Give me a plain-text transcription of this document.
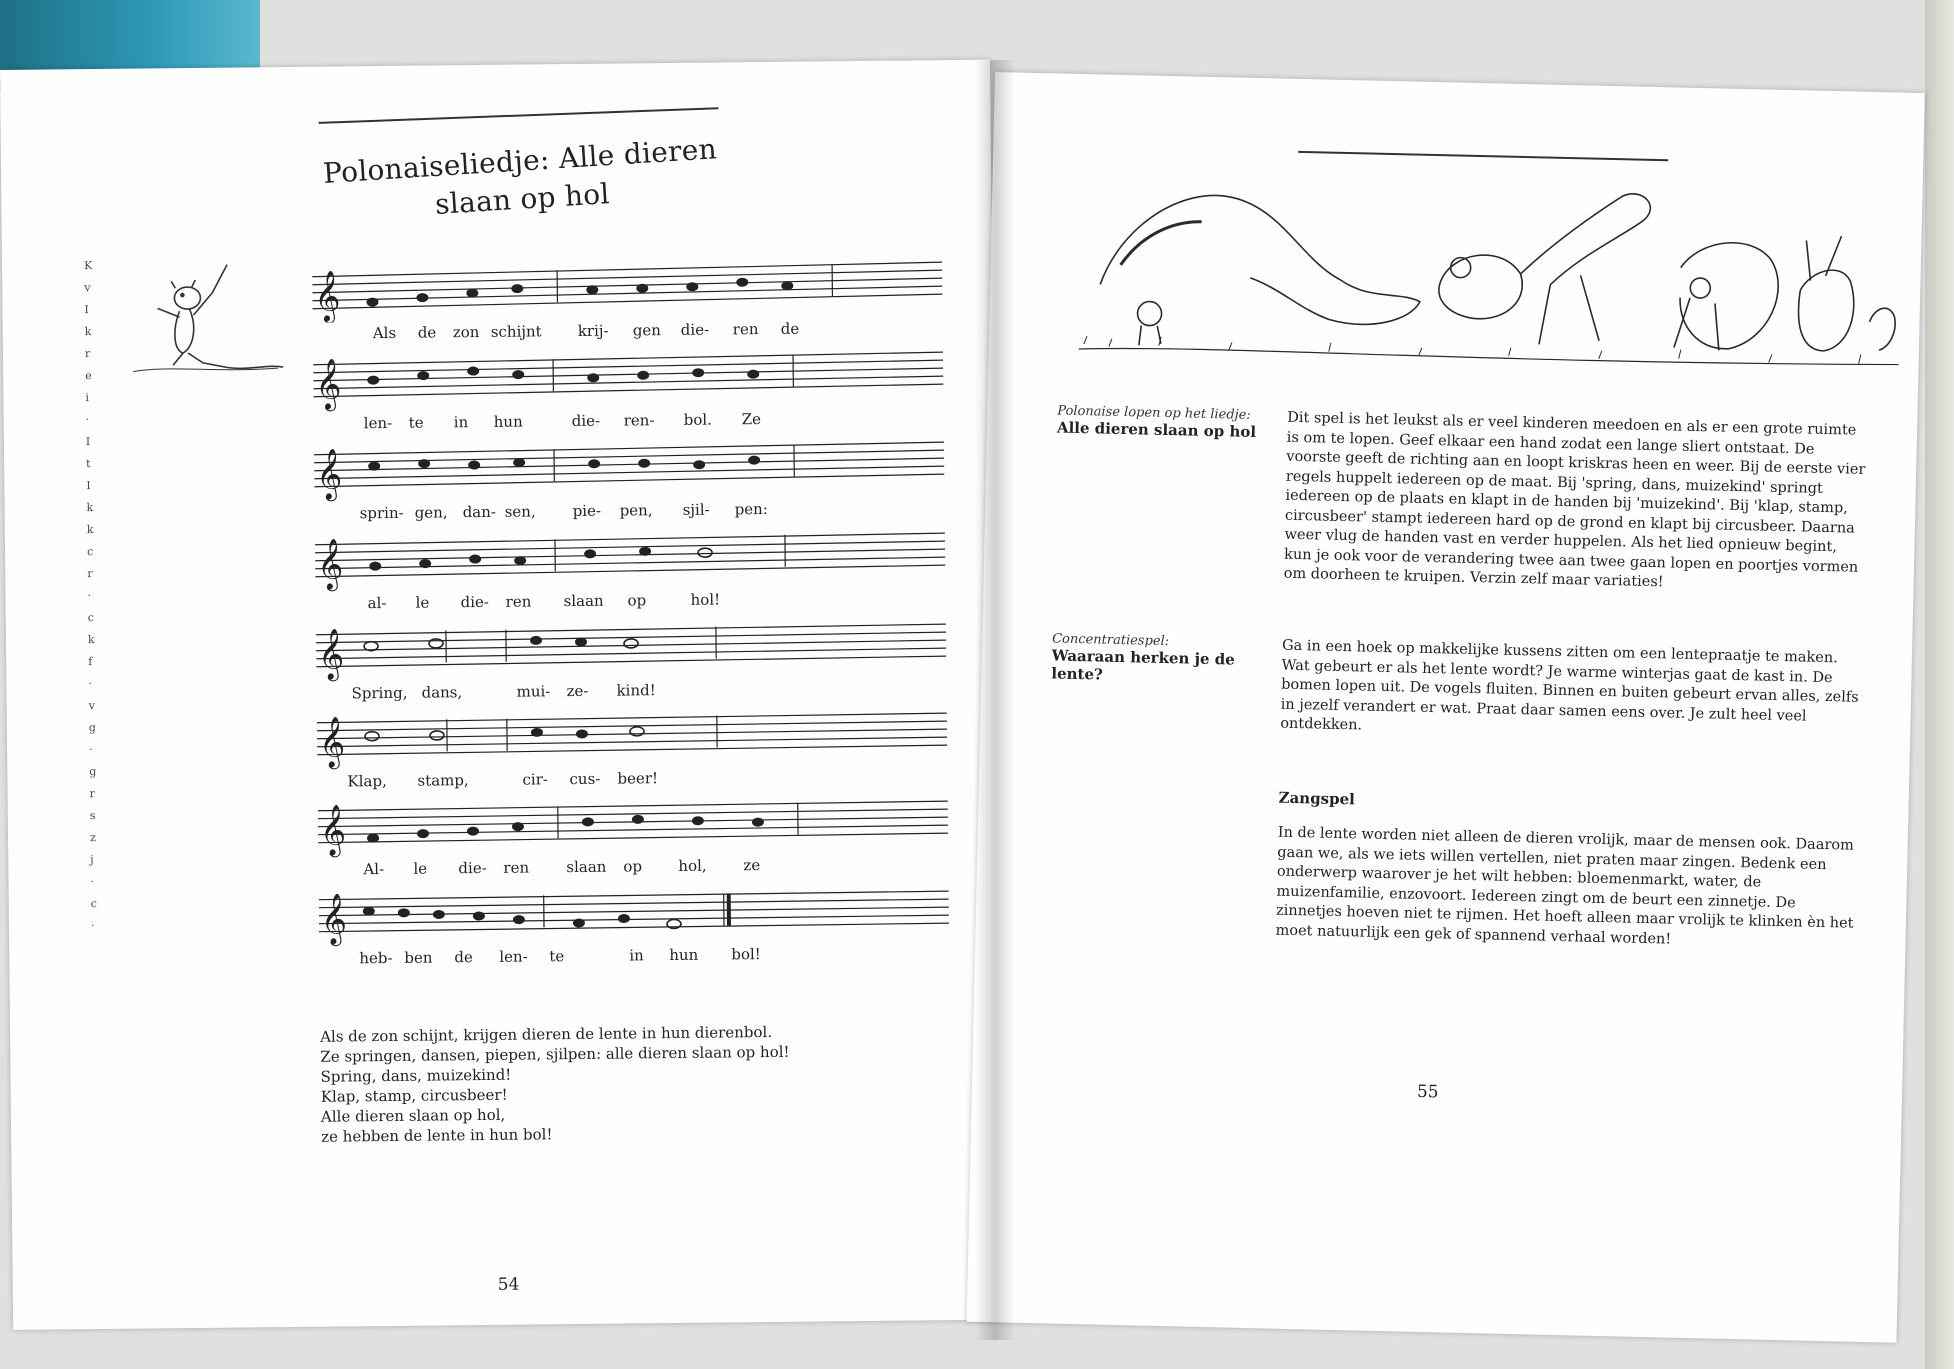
K
v
I
k
r
e
i
·
I
t
I
k
k
c
r
·
c
k
f
·
v
g
·
g
r
s
z
j
·
c
·
Polonaiseliedje: Alle dieren
slaan op hol
𝄞
Als de zon schijnt krij- gen die- ren de
𝄞
len- te in hun	die- ren- bol. Ze
𝄞
sprin- gen, dan- sen, pie- pen, sjil- pen:
𝄞
al- le die- ren slaan op	hol!
𝄞
Spring, dans,	mui- ze- kind!
𝄞
Klap, stamp,	cir- cus- beer!
𝄞
Al- le die- ren slaan op hol, ze
𝄞
heb- ben de len- te	in hun bol!
Als de zon schijnt, krijgen dieren de lente in hun dierenbol.
Ze springen, dansen, piepen, sjilpen: alle dieren slaan op hol!
Spring, dans, muizekind!
Klap, stamp, circusbeer!
Alle dieren slaan op hol,
ze hebben de lente in hun bol!
54
Polonaise lopen op het liedje:
Alle dieren slaan op hol	Dit spel is het leukst als er veel kinderen meedoen en als er een grote ruimte is om te lopen. Geef elkaar een hand zodat een lange sliert ontstaat. De voorste geeft de richting aan en loopt kriskras heen en weer. Bij de eerste vier regels huppelt iedereen op de maat. Bij 'spring, dans, muizekind' springt iedereen op de plaats en klapt in de handen bij 'muizekind'. Bij 'klap, stamp, circusbeer' stampt iedereen hard op de grond en klapt bij circusbeer. Daarna weer vlug de handen vast en verder huppelen. Als het lied opnieuw begint, kun je ook voor de verandering twee aan twee gaan lopen en poortjes vormen om doorheen te kruipen. Verzin zelf maar variaties!
Concentratiespel:
Waaraan herken je de lente?
Ga in een hoek op makkelijke kussens zitten om een lentepraatje te maken. Wat gebeurt er als het lente wordt? Je warme winterjas gaat de kast in. De bomen lopen uit. De vogels fluiten. Binnen en buiten gebeurt ervan alles, zelfs in jezelf verandert er wat. Praat daar samen eens over. Je zult heel veel ontdekken.
Zangspel
In de lente worden niet alleen de dieren vrolijk, maar de mensen ook. Daarom gaan we, als we iets willen vertellen, niet praten maar zingen. Bedenk een onderwerp waarover je het wilt hebben: bloemenmarkt, water, de muizenfamilie, enzovoort. Iedereen zingt om de beurt een zinnetje. De zinnetjes hoeven niet te rijmen. Het hoeft alleen maar vrolijk te klinken èn het moet natuurlijk een gek of spannend verhaal worden!
55
